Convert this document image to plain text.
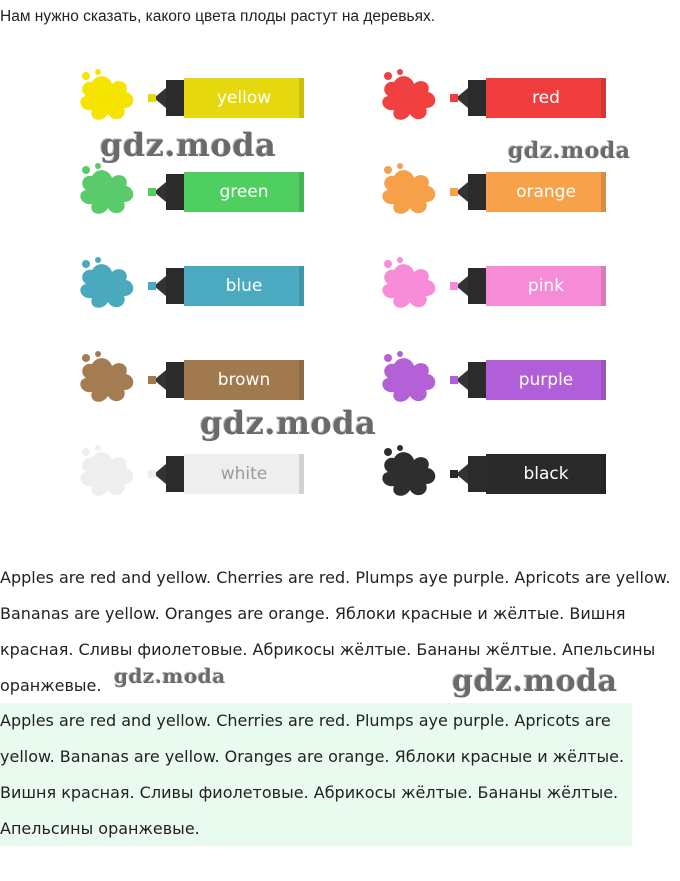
Нам нужно сказать, какого цвета плоды растут на деревьях.
yellow
green
blue
brown
white
red
orange
pink
purple
black
gdz.moda	gdz.moda
gdz.moda
Apples are red and yellow. Cherries are red. Plumps aye purple. Apricots are yellow. Bananas are yellow. Oranges are orange. Яблоки красные и жёлтые. Вишня красная. Сливы фиолетовые. Абрикосы жёлтые. Бананы жёлтые. Апельсины оранжевые. gdz.moda	gdz.moda
Apples are red and yellow. Cherries are red. Plumps aye purple. Apricots are yellow. Bananas are yellow. Oranges are orange. Яблоки красные и жёлтые. Вишня красная. Сливы фиолетовые. Абрикосы жёлтые. Бананы жёлтые. Апельсины оранжевые.
